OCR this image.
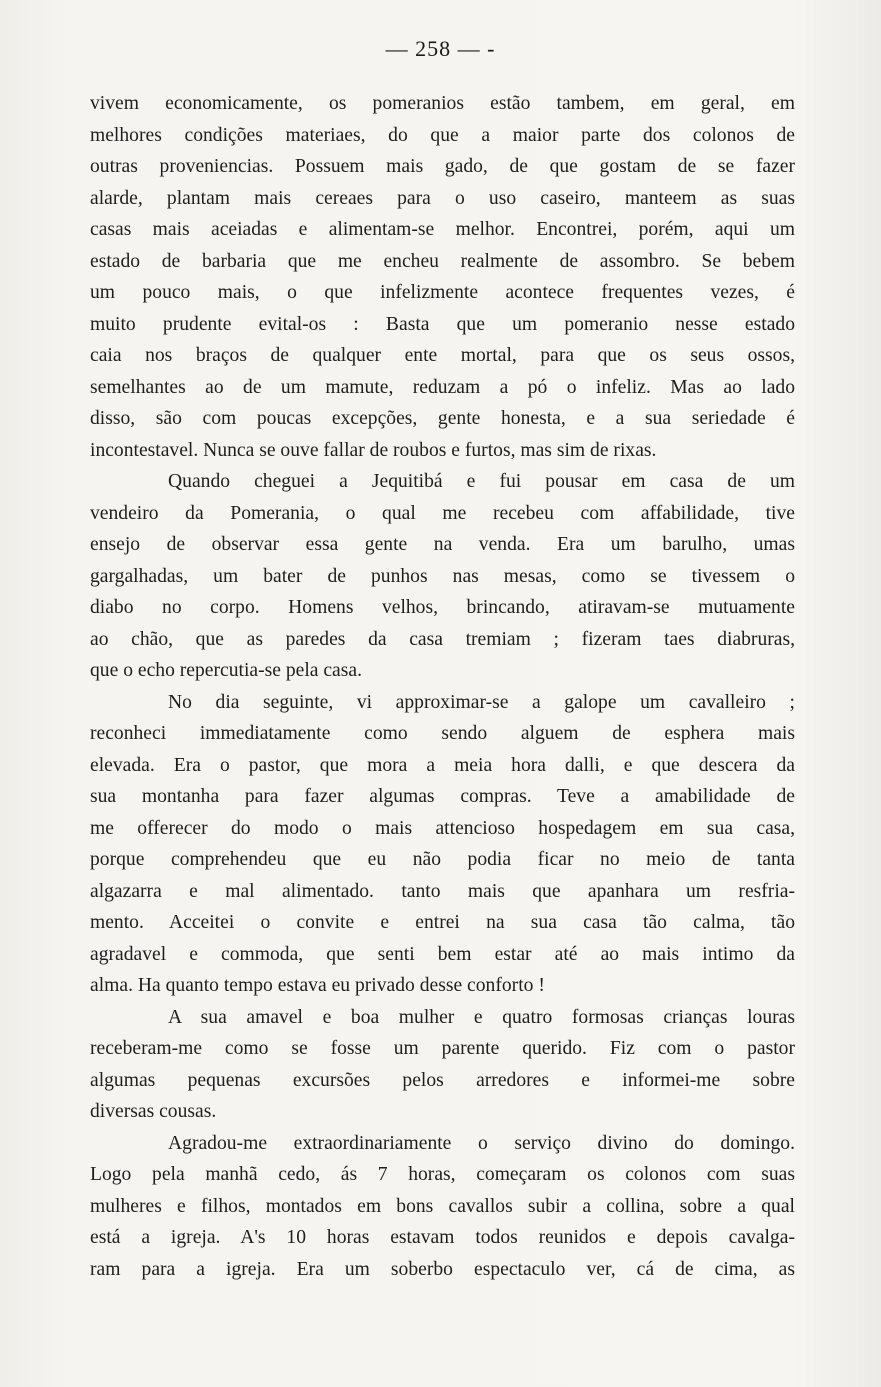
— 258 — -
vivem economicamente, os pomeranios estão tambem, em geral, em
melhores condições materiaes, do que a maior parte dos colonos de
outras proveniencias. Possuem mais gado, de que gostam de se fazer
alarde, plantam mais cereaes para o uso caseiro, manteem as suas
casas mais aceiadas e alimentam-se melhor. Encontrei, porém, aqui um
estado de barbaria que me encheu realmente de assombro. Se bebem
um pouco mais, o que infelizmente acontece frequentes vezes, é
muito prudente evital-os : Basta que um pomeranio nesse estado
caia nos braços de qualquer ente mortal, para que os seus ossos,
semelhantes ao de um mamute, reduzam a pó o infeliz. Mas ao lado
disso, são com poucas excepções, gente honesta, e a sua seriedade é
incontestavel. Nunca se ouve fallar de roubos e furtos, mas sim de rixas.
Quando cheguei a Jequitibá e fui pousar em casa de um
vendeiro da Pomerania, o qual me recebeu com affabilidade, tive
ensejo de observar essa gente na venda. Era um barulho, umas
gargalhadas, um bater de punhos nas mesas, como se tivessem o
diabo no corpo. Homens velhos, brincando, atiravam-se mutuamente
ao chão, que as paredes da casa tremiam ; fizeram taes diabruras,
que o echo repercutia-se pela casa.
No dia seguinte, vi approximar-se a galope um cavalleiro ;
reconheci immediatamente como sendo alguem de esphera mais
elevada. Era o pastor, que mora a meia hora dalli, e que descera da
sua montanha para fazer algumas compras. Teve a amabilidade de
me offerecer do modo o mais attencioso hospedagem em sua casa,
porque comprehendeu que eu não podia ficar no meio de tanta
algazarra e mal alimentado. tanto mais que apanhara um resfria-
mento. Acceitei o convite e entrei na sua casa tão calma, tão
agradavel e commoda, que senti bem estar até ao mais intimo da
alma. Ha quanto tempo estava eu privado desse conforto !
A sua amavel e boa mulher e quatro formosas crianças louras
receberam-me como se fosse um parente querido. Fiz com o pastor
algumas pequenas excursões pelos arredores e informei-me sobre
diversas cousas.
Agradou-me extraordinariamente o serviço divino do domingo.
Logo pela manhã cedo, ás 7 horas, começaram os colonos com suas
mulheres e filhos, montados em bons cavallos subir a collina, sobre a qual
está a igreja. A's 10 horas estavam todos reunidos e depois cavalga-
ram para a igreja. Era um soberbo espectaculo ver, cá de cima, as
